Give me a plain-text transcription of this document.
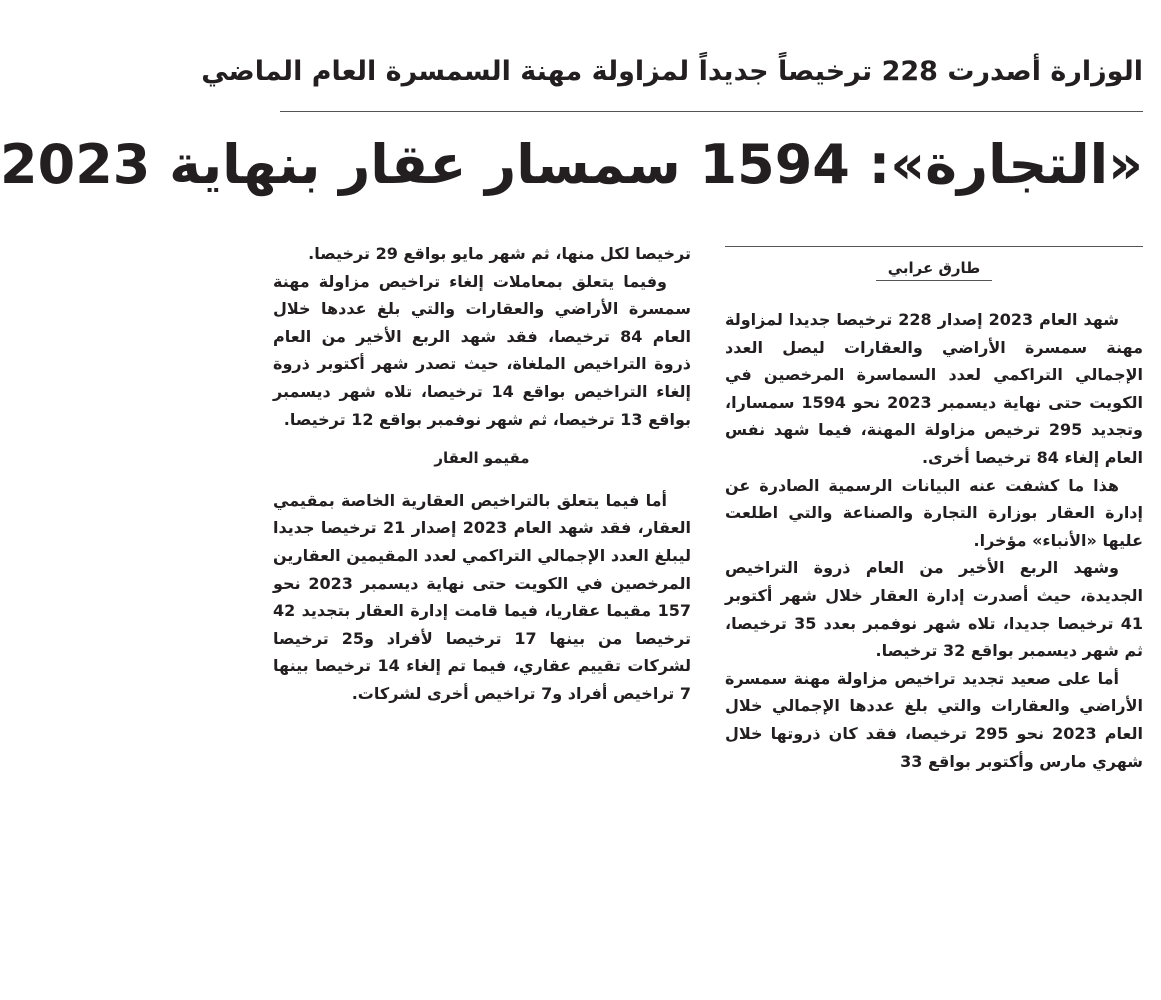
الوزارة أصدرت 228 ترخيصاً جديداً لمزاولة مهنة السمسرة العام الماضي
«التجارة»: 1594 سمسار عقار بنهاية 2023
طارق عرابي

شهد العام 2023 إصدار 228 ترخيصا جديدا لمزاولة مهنة سمسرة الأراضي والعقارات ليصل العدد الإجمالي التراكمي لعدد السماسرة المرخصين في الكويت حتى نهاية ديسمبر 2023 نحو 1594 سمسارا، وتجديد 295 ترخيص مزاولة المهنة، فيما شهد نفس العام إلغاء 84 ترخيصا أخرى.

هذا ما كشفت عنه البيانات الرسمية الصادرة عن إدارة العقار بوزارة التجارة والصناعة والتي اطلعت عليها «الأنباء» مؤخرا.

وشهد الربع الأخير من العام ذروة التراخيص الجديدة، حيث أصدرت إدارة العقار خلال شهر أكتوبر 41 ترخيصا جديدا، تلاه شهر نوفمبر بعدد 35 ترخيصا، ثم شهر ديسمبر بواقع 32 ترخيصا.

أما على صعيد تجديد تراخيص مزاولة مهنة سمسرة الأراضي والعقارات والتي بلغ عددها الإجمالي خلال العام 2023 نحو 295 ترخيصا، فقد كان ذروتها خلال شهري مارس وأكتوبر بواقع 33

ترخيصا لكل منها، ثم شهر مايو بواقع 29 ترخيصا.

وفيما يتعلق بمعاملات إلغاء تراخيص مزاولة مهنة سمسرة الأراضي والعقارات والتي بلغ عددها خلال العام 84 ترخيصا، فقد شهد الربع الأخير من العام ذروة التراخيص الملغاة، حيث تصدر شهر أكتوبر ذروة إلغاء التراخيص بواقع 14 ترخيصا، تلاه شهر ديسمبر بواقع 13 ترخيصا، ثم شهر نوفمبر بواقع 12 ترخيصا.

مقيمو العقار

أما فيما يتعلق بالتراخيص العقارية الخاصة بمقيمي العقار، فقد شهد العام 2023 إصدار 21 ترخيصا جديدا ليبلغ العدد الإجمالي التراكمي لعدد المقيمين العقارين المرخصين في الكويت حتى نهاية ديسمبر 2023 نحو 157 مقيما عقاريا، فيما قامت إدارة العقار بتجديد 42 ترخيصا من بينها 17 ترخيصا لأفراد و25 ترخيصا لشركات تقييم عقاري، فيما تم إلغاء 14 ترخيصا بينها 7 تراخيص أفراد و7 تراخيص أخرى لشركات.
